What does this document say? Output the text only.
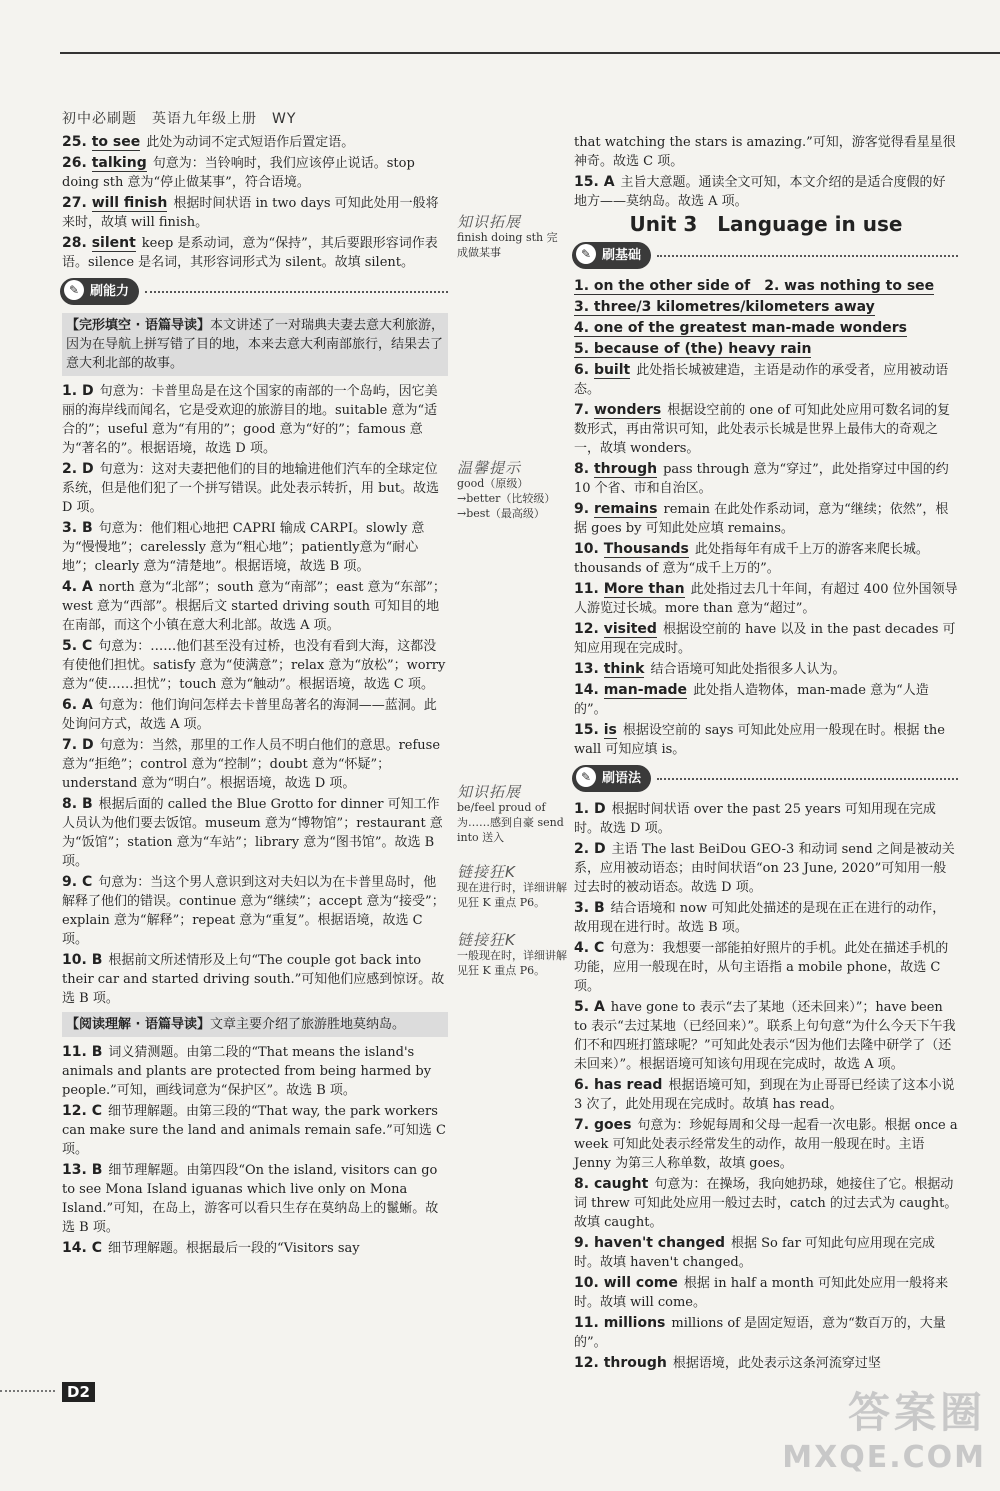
初中必刷题　英语九年级上册　WY
25. to see 此处为动词不定式短语作后置定语。
26. talking 句意为：当铃响时，我们应该停止说话。stop doing sth 意为“停止做某事”，符合语境。
27. will finish 根据时间状语 in two days 可知此处用一般将来时，故填 will finish。
28. silent keep 是系动词，意为“保持”，其后要跟形容词作表语。silence 是名词，其形容词形式为 silent。故填 silent。
✎ 刷能力
【完形填空 · 语篇导读】本文讲述了一对瑞典夫妻去意大利旅游，因为在导航上拼写错了目的地，本来去意大利南部旅行，结果去了意大利北部的故事。
1. D 句意为：卡普里岛是在这个国家的南部的一个岛屿，因它美丽的海岸线而闻名，它是受欢迎的旅游目的地。suitable 意为“适合的”；useful 意为“有用的”；good 意为“好的”；famous 意为“著名的”。根据语境，故选 D 项。
2. D 句意为：这对夫妻把他们的目的地输进他们汽车的全球定位系统，但是他们犯了一个拼写错误。此处表示转折，用 but。故选 D 项。
3. B 句意为：他们粗心地把 CAPRI 输成 CARPI。slowly 意为“慢慢地”；carelessly 意为“粗心地”；patiently意为“耐心地”；clearly 意为“清楚地”。根据语境，故选 B 项。
4. A north 意为“北部”；south 意为“南部”；east 意为“东部”；west 意为“西部”。根据后文 started driving south 可知目的地在南部，而这个小镇在意大利北部。故选 A 项。
5. C 句意为：……他们甚至没有过桥，也没有看到大海，这都没有使他们担忧。satisfy 意为“使满意”；relax 意为“放松”；worry 意为“使……担忧”；touch 意为“触动”。根据语境，故选 C 项。
6. A 句意为：他们询问怎样去卡普里岛著名的海洞——蓝洞。此处询问方式，故选 A 项。
7. D 句意为：当然，那里的工作人员不明白他们的意思。refuse 意为“拒绝”；control 意为“控制”；doubt 意为“怀疑”；understand 意为“明白”。根据语境，故选 D 项。
8. B 根据后面的 called the Blue Grotto for dinner 可知工作人员认为他们要去饭馆。museum 意为“博物馆”；restaurant 意为“饭馆”；station 意为“车站”；library 意为“图书馆”。故选 B 项。
9. C 句意为：当这个男人意识到这对夫妇以为在卡普里岛时，他解释了他们的错误。continue 意为“继续”；accept 意为“接受”；explain 意为“解释”；repeat 意为“重复”。根据语境，故选 C 项。
10. B 根据前文所述情形及上句“The couple got back into their car and started driving south.”可知他们应感到惊讶。故选 B 项。
【阅读理解 · 语篇导读】文章主要介绍了旅游胜地莫纳岛。
11. B 词义猜测题。由第二段的“That means the island's animals and plants are protected from being harmed by people.”可知，画线词意为“保护区”。故选 B 项。
12. C 细节理解题。由第三段的“That way, the park workers can make sure the land and animals remain safe.”可知选 C 项。
13. B 细节理解题。由第四段“On the island, visitors can go to see Mona Island iguanas which live only on Mona Island.”可知，在岛上，游客可以看只生存在莫纳岛上的鬣蜥。故选 B 项。
14. C 细节理解题。根据最后一段的“Visitors say
知识拓展
finish doing sth 完成做某事
温馨提示
good（原级）→better（比较级）→best（最高级）
知识拓展
be/feel proud of 为……感到自豪 send into 送入
链接狂K
现在进行时，详细讲解见狂 K 重点 P6。
链接狂K
一般现在时，详细讲解见狂 K 重点 P6。
that watching the stars is amazing.”可知，游客觉得看星星很神奇。故选 C 项。
15. A 主旨大意题。通读全文可知，本文介绍的是适合度假的好地方——莫纳岛。故选 A 项。
Unit 3　Language in use
✎ 刷基础
1. on the other side of　2. was nothing to see
3. three/3 kilometres/kilometers away
4. one of the greatest man-made wonders
5. because of (the) heavy rain
6. built 此处指长城被建造，主语是动作的承受者，应用被动语态。
7. wonders 根据设空前的 one of 可知此处应用可数名词的复数形式，再由常识可知，此处表示长城是世界上最伟大的奇观之一，故填 wonders。
8. through pass through 意为“穿过”，此处指穿过中国的约 10 个省、市和自治区。
9. remains remain 在此处作系动词，意为“继续；依然”，根据 goes by 可知此处应填 remains。
10. Thousands 此处指每年有成千上万的游客来爬长城。thousands of 意为“成千上万的”。
11. More than 此处指过去几十年间，有超过 400 位外国领导人游览过长城。more than 意为“超过”。
12. visited 根据设空前的 have 以及 in the past decades 可知应用现在完成时。
13. think 结合语境可知此处指很多人认为。
14. man-made 此处指人造物体，man-made 意为“人造的”。
15. is 根据设空前的 says 可知此处应用一般现在时。根据 the wall 可知应填 is。
✎ 刷语法
1. D 根据时间状语 over the past 25 years 可知用现在完成时。故选 D 项。
2. D 主语 The last BeiDou GEO-3 和动词 send 之间是被动关系，应用被动语态；由时间状语“on 23 June, 2020”可知用一般过去时的被动语态。故选 D 项。
3. B 结合语境和 now 可知此处描述的是现在正在进行的动作，故用现在进行时。故选 B 项。
4. C 句意为：我想要一部能拍好照片的手机。此处在描述手机的功能，应用一般现在时，从句主语指 a mobile phone，故选 C 项。
5. A have gone to 表示“去了某地（还未回来）”；have been to 表示“去过某地（已经回来）”。联系上句句意“为什么今天下午我们不和四班打篮球呢？”可知此处表示“因为他们去隆中研学了（还未回来）”。根据语境可知该句用现在完成时，故选 A 项。
6. has read 根据语境可知，到现在为止哥哥已经读了这本小说 3 次了，此处用现在完成时。故填 has read。
7. goes 句意为：珍妮每周和父母一起看一次电影。根据 once a week 可知此处表示经常发生的动作，故用一般现在时。主语 Jenny 为第三人称单数，故填 goes。
8. caught 句意为：在操场，我向她扔球，她接住了它。根据动词 threw 可知此处应用一般过去时，catch 的过去式为 caught。故填 caught。
9. haven't changed 根据 So far 可知此句应用现在完成时。故填 haven't changed。
10. will come 根据 in half a month 可知此处应用一般将来时。故填 will come。
11. millions millions of 是固定短语，意为“数百万的，大量的”。
12. through 根据语境，此处表示这条河流穿过坚
D2	答案圈
MXQE.COM
